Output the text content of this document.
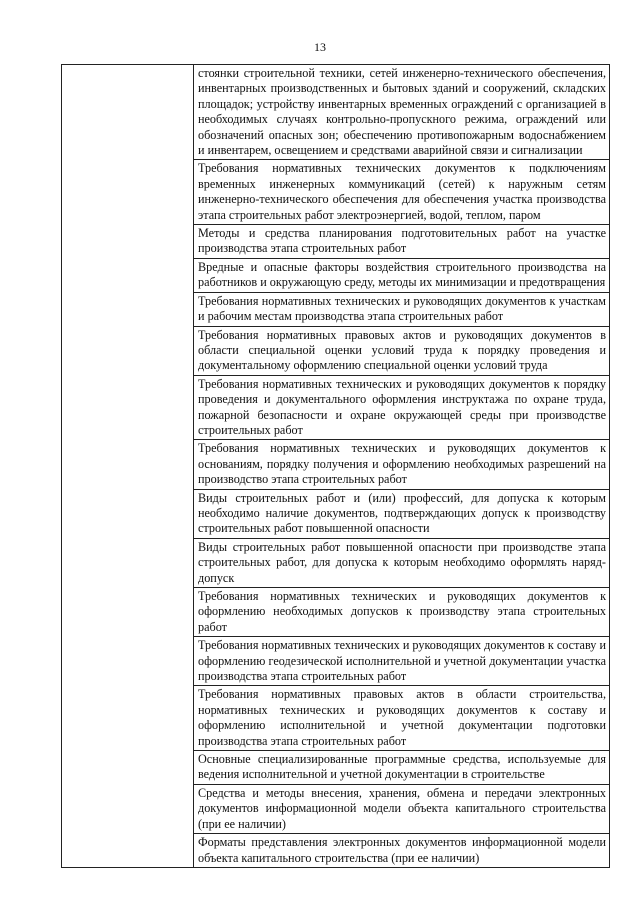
13
	стоянки строительной техники, сетей инженерно-технического обеспечения, инвентарных производственных и бытовых зданий и сооружений, складских площадок; устройству инвентарных временных ограждений с организацией в необходимых случаях контрольно-пропускного режима, ограждений или обозначений опасных зон; обеспечению противопожарным водоснабжением и инвентарем, освещением и средствами аварийной связи и сигнализации
Требования нормативных технических документов к подключениям временных инженерных коммуникаций (сетей) к наружным сетям инженерно-технического обеспечения для обеспечения участка производства этапа строительных работ электроэнергией, водой, теплом, паром
Методы и средства планирования подготовительных работ на участке производства этапа строительных работ
Вредные и опасные факторы воздействия строительного производства на работников и окружающую среду, методы их минимизации и предотвращения
Требования нормативных технических и руководящих документов к участкам и рабочим местам производства этапа строительных работ
Требования нормативных правовых актов и руководящих документов в области специальной оценки условий труда к порядку проведения и документальному оформлению специальной оценки условий труда
Требования нормативных технических и руководящих документов к порядку проведения и документального оформления инструктажа по охране труда, пожарной безопасности и охране окружающей среды при производстве строительных работ
Требования нормативных технических и руководящих документов к основаниям, порядку получения и оформлению необходимых разрешений на производство этапа строительных работ
Виды строительных работ и (или) профессий, для допуска к которым необходимо наличие документов, подтверждающих допуск к производству строительных работ повышенной опасности
Виды строительных работ повышенной опасности при производстве этапа строительных работ, для допуска к которым необходимо оформлять наряд-допуск
Требования нормативных технических и руководящих документов к оформлению необходимых допусков к производству этапа строительных работ
Требования нормативных технических и руководящих документов к составу и оформлению геодезической исполнительной и учетной документации участка производства этапа строительных работ
Требования нормативных правовых актов в области строительства, нормативных технических и руководящих документов к составу и оформлению исполнительной и учетной документации подготовки производства этапа строительных работ
Основные специализированные программные средства, используемые для ведения исполнительной и учетной документации в строительстве
Средства и методы внесения, хранения, обмена и передачи электронных документов информационной модели объекта капитального строительства (при ее наличии)
Форматы представления электронных документов информационной модели объекта капитального строительства (при ее наличии)
